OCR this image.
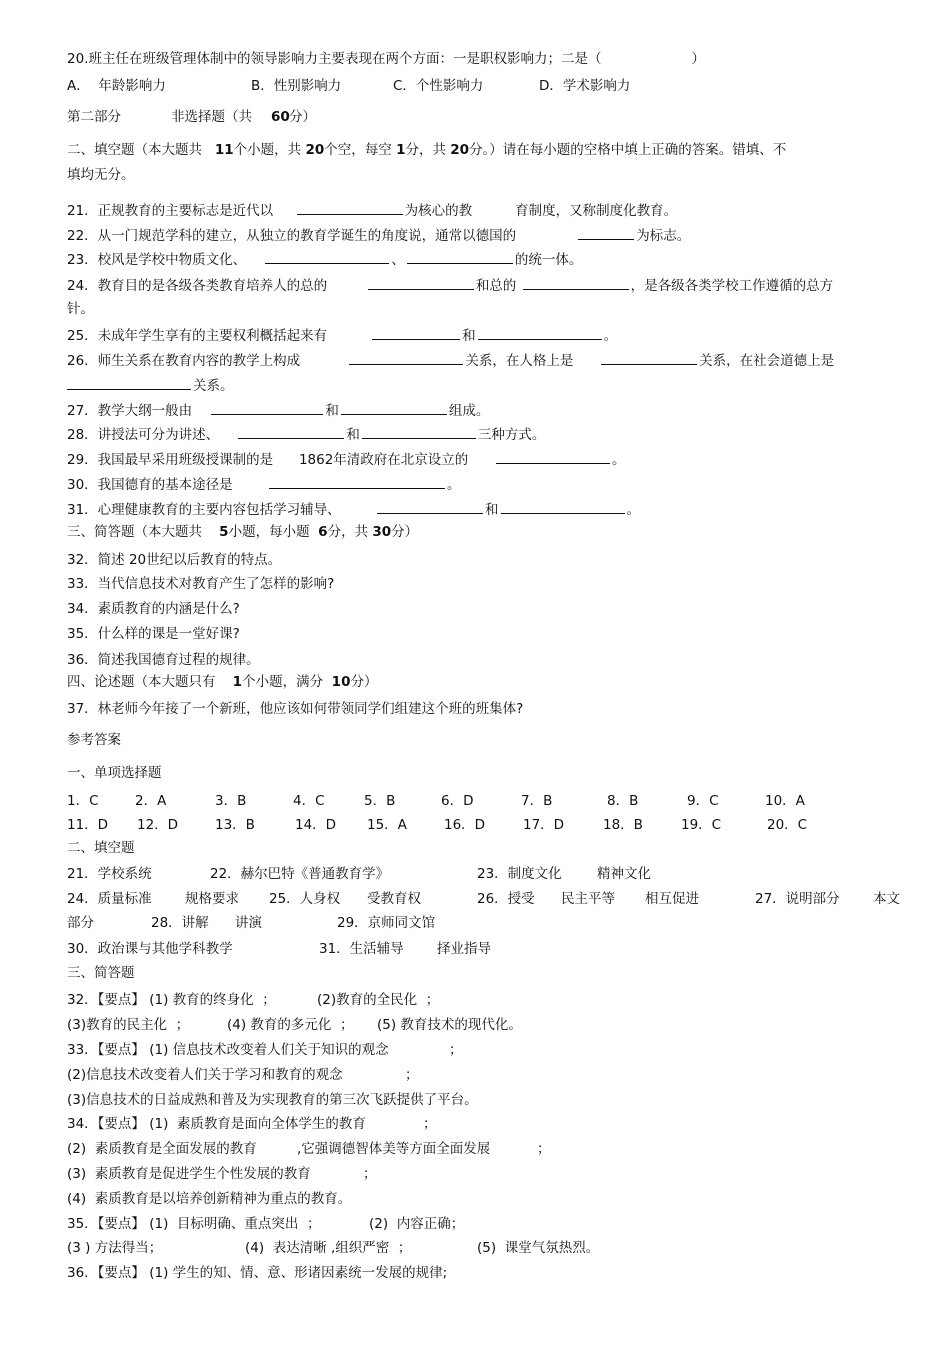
20.班主任在班级管理体制中的领导影响力主要表现在两个方面：一是职权影响力；二是（	）
A．  年龄影响力	B．性别影响力	C．个性影响力	D．学术影响力
第二部分	非选择题（共 60 分）
二、填空题（本大题共 11个小题，共 20个空，每空 1分，共 20分。）请在每小题的空格中填上正确的答案。错填、不
填均无分。
21．正规教育的主要标志是近代以	为核心的教	育制度，又称制度化教育。
22．从一门规范学科的建立，从独立的教育学诞生的角度说，通常以德国的	为标志。
23．校风是学校中物质文化、	、	的统一体。
24．教育目的是各级各类教育培养人的总的	和总的	，是各级各类学校工作遵循的总方
针。
25．未成年学生享有的主要权利概括起来有	和	。
26．师生关系在教育内容的教学上构成	关系，在人格上是	关系，在社会道德上是
关系。
27．教学大纲一般由	和	组成。
28．讲授法可分为讲述、	和	三种方式。
29．我国最早采用班级授课制的是 1862年清政府在北京设立的	。
30．我国德育的基本途径是	。
31．心理健康教育的主要内容包括学习辅导、	和	。
三、简答题（本大题共 5小题，每小题 6分，共 30分）
32．简述 20世纪以后教育的特点。
33．当代信息技术对教育产生了怎样的影响?
34．素质教育的内涵是什么?
35．什么样的课是一堂好课?
36．简述我国德育过程的规律。
四、论述题（本大题只有 1个小题，满分 10分）
37．林老师今年接了一个新班，他应该如何带领同学们组建这个班的班集体?
参考答案
一、单项选择题
1．C	2．A	3．B	4．C	5．B	6．D	7．B	8．B	9．C	10．A
11．D 12．D	13．B	14．D 15．A	16．D	17．D	18．B	19．C	20．C
二、填空题
21．学校系统	22．赫尔巴特《普通教育学》	23．制度文化	精神文化
24．质量标准 规格要求 25．人身权 受教育权	26．授受 民主平等 相互促进	27．说明部分 本文
部分	28．讲解 讲演	29．京师同文馆
30．政治课与其他学科教学	31．生活辅导 择业指导
三、简答题
32．【要点】 (1) 教育的终身化  ；	(2)教育的全民化  ；
(3)教育的民主化  ；	(4) 教育的多元化  ； (5) 教育技术的现代化。
33．【要点】 (1) 信息技术改变着人们关于知识的观念	；
(2)信息技术改变着人们关于学习和教育的观念	；
(3)信息技术的日益成熟和普及为实现教育的第三次飞跃提供了平台。
34．【要点】 (1)  素质教育是面向全体学生的教育	；
(2)  素质教育是全面发展的教育	,它强调德智体美等方面全面发展	；
(3)  素质教育是促进学生个性发展的教育	；
(4)  素质教育是以培养创新精神为重点的教育。
35．【要点】 (1)  目标明确、重点突出  ；	(2)  内容正确；
(3 ) 方法得当；	(4)  表达清晰 ,组织严密  ；	(5)  课堂气氛热烈。
36．【要点】 (1) 学生的知、情、意、形诸因素统一发展的规律;
